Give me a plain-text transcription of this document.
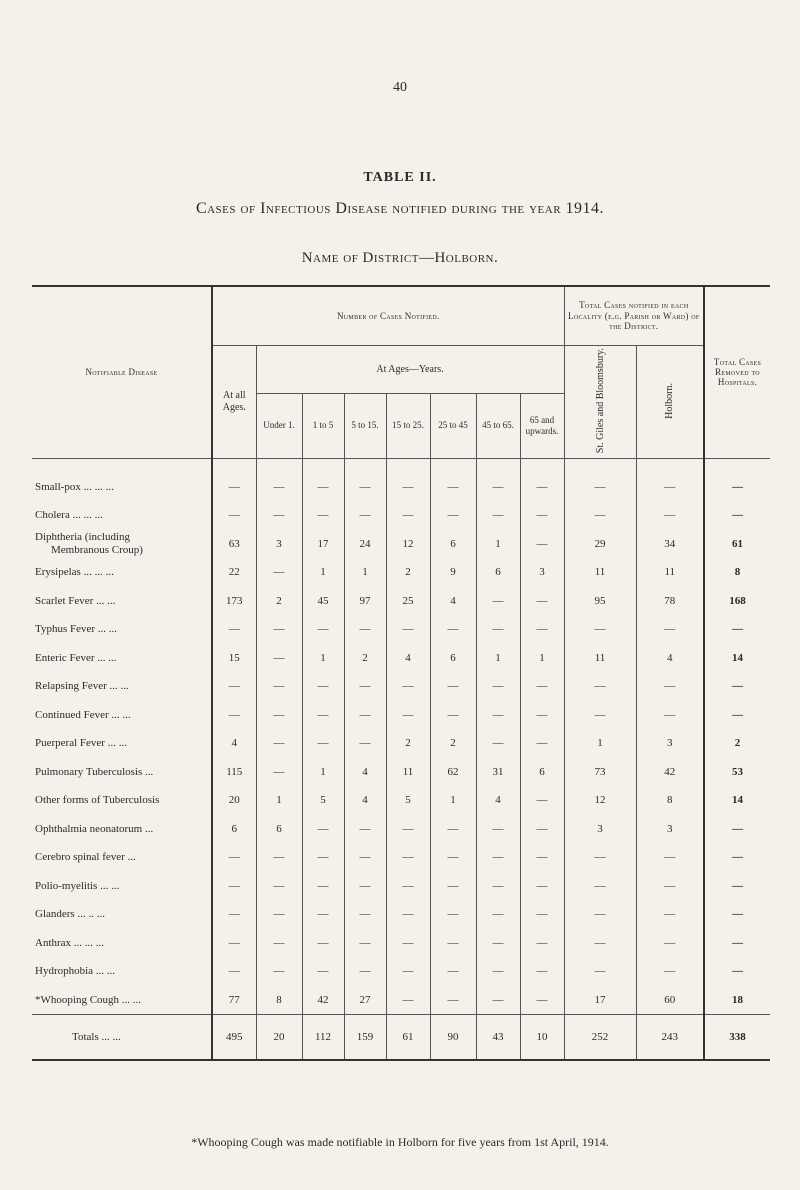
40
TABLE II.
Cases of Infectious Disease notified during the year 1914.
Name of District—Holborn.
Notifiable Disease	Number of Cases Notified.								Total Cases notified in each Locality (e.g. Parish or Ward) of the District.		Total Cases Removed to Hospitals.
	At all Ages.	At Ages—Years.							St. Giles and Bloomsbury.	Holborn.	
		Under 1.	1 to 5	5 to 15.	15 to 25.	25 to 45	45 to 65.	65 and upwards.			

Small-pox ... ... ...	—	—	—	—	—	—	—	—	—	—	—
Cholera ... ... ...	—	—	—	—	—	—	—	—	—	—	—

Diphtheria (including
Membranous Croup)	63	3	17	24	12	6	1	—	29	34	61
Erysipelas ... ... ...	22	—	1	1	2	9	6	3	11	11	8
Scarlet Fever ... ...	173	2	45	97	25	4	—	—	95	78	168
Typhus Fever ... ...	—	—	—	—	—	—	—	—	—	—	—
Enteric Fever ... ...	15	—	1	2	4	6	1	1	11	4	14
Relapsing Fever ... ...	—	—	—	—	—	—	—	—	—	—	—
Continued Fever ... ...	—	—	—	—	—	—	—	—	—	—	—
Puerperal Fever ... ...	4	—	—	—	2	2	—	—	1	3	2
Pulmonary Tuberculosis ...	115	—	1	4	11	62	31	6	73	42	53
Other forms of Tuberculosis	20	1	5	4	5	1	4	—	12	8	14
Ophthalmia neonatorum ...	6	6	—	—	—	—	—	—	3	3	—
Cerebro spinal fever ...	—	—	—	—	—	—	—	—	—	—	—
Polio-myelitis ... ...	—	—	—	—	—	—	—	—	—	—	—
Glanders ... .. ...	—	—	—	—	—	—	—	—	—	—	—
Anthrax ... ... ...	—	—	—	—	—	—	—	—	—	—	—
Hydrophobia ... ...	—	—	—	—	—	—	—	—	—	—	—
*Whooping Cough ... ...	77	8	42	27	—	—	—	—	17	60	18
Totals ... ...	495	20	112	159	61	90	43	10	252	243	338
*Whooping Cough was made notifiable in Holborn for five years from 1st April, 1914.
